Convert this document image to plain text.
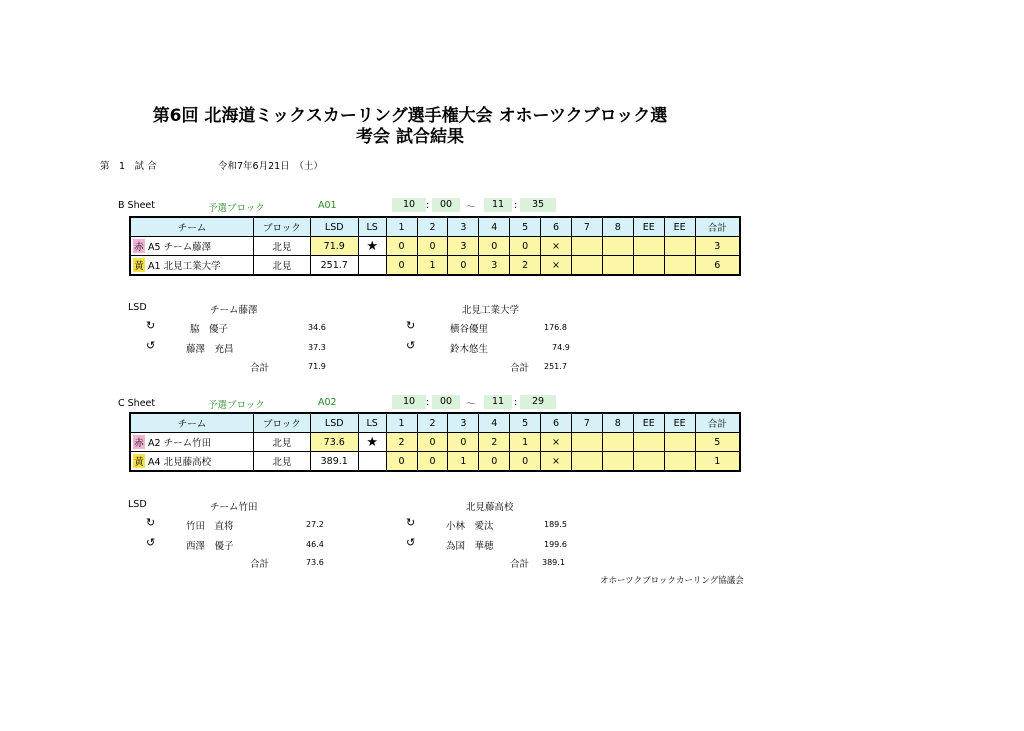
第6回 北海道ミックスカーリング選手権大会 オホーツクブロック選
考会 試合結果
第　1　試 合	令和7年6月21日　（土）
B Sheet	予選ブロック	A01	10	:	00	～	11	:	35
チーム	ブロック	LSD	LS	1	2	3	4	5	6	7	8	EE	EE	合計
赤 A5 チーム藤澤	北見	71.9	★	0	0	3	0	0	×					3
黄 A1 北見工業大学	北見	251.7		0	1	0	3	2	×					6
LSD	チーム藤澤	北見工業大学
↻	脇　優子	34.6
↺	藤澤　充昌	37.3
合計	71.9
↻	横谷優里	176.8
↺	鈴木悠生	74.9
合計 251.7
C Sheet	予選ブロック	A02	10	:	00	～	11	:	29
チーム	ブロック	LSD	LS	1	2	3	4	5	6	7	8	EE	EE	合計
赤 A2 チーム竹田	北見	73.6	★	2	0	0	2	1	×					5
黄 A4 北見藤高校	北見	389.1		0	0	1	0	0	×					1
LSD	チーム竹田	北見藤高校
↻	竹田　直将	27.2
↺	西澤　優子	46.4
合計	73.6
↻	小林　愛汰	189.5
↺	為国　華穂	199.6
合計 389.1
オホーツクブロックカーリング協議会
